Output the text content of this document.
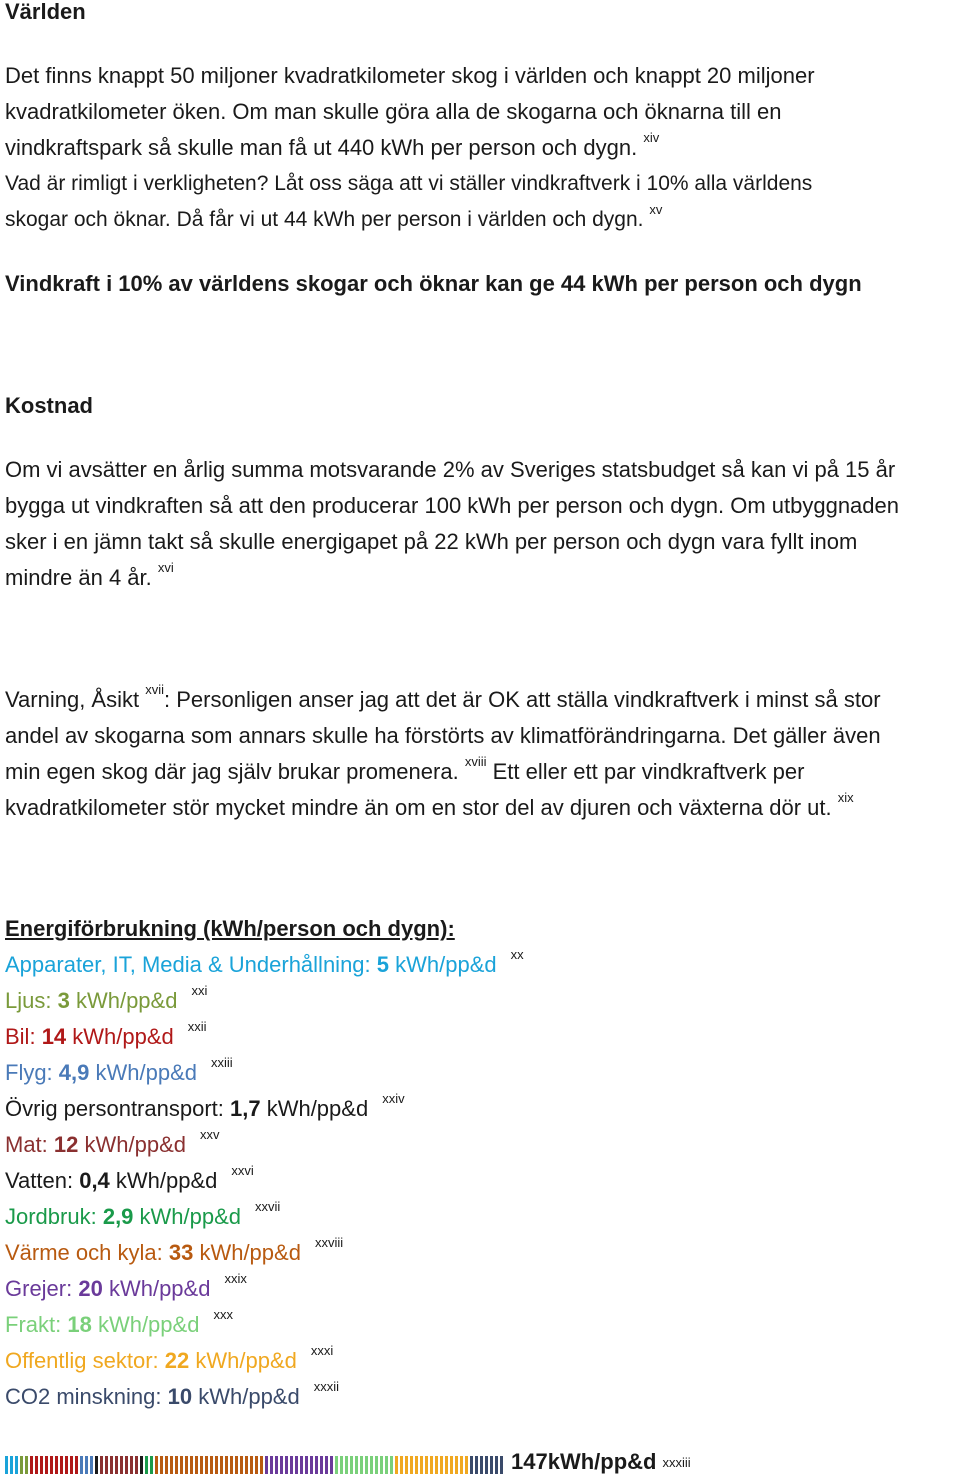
Världen
Det finns knappt 50 miljoner kvadratkilometer skog i världen och knappt 20 miljoner
kvadratkilometer öken. Om man skulle göra alla de skogarna och öknarna till en
vindkraftspark så skulle man få ut 440 kWh per person och dygn. $^{xiv}$
Vad är rimligt i verkligheten? Låt oss säga att vi ställer vindkraftverk i 10% alla världens
skogar och öknar. Då får vi ut 44 kWh per person i världen och dygn. $^{xv}$
Vindkraft i 10% av världens skogar och öknar kan ge 44 kWh per person och dygn
Kostnad
Om vi avsätter en årlig summa motsvarande 2% av Sveriges statsbudget så kan vi på 15 år
bygga ut vindkraften så att den producerar 100 kWh per person och dygn. Om utbyggnaden
sker i en jämn takt så skulle energigapet på 22 kWh per person och dygn vara fyllt inom
mindre än 4 år. $^{xvi}$
Varning, Åsikt $^{xvii}$: Personligen anser jag att det är OK att ställa vindkraftverk i minst så stor
andel av skogarna som annars skulle ha förstörts av klimatförändringarna. Det gäller även
min egen skog där jag själv brukar promenera. $^{xviii}$ Ett eller ett par vindkraftverk per
kvadratkilometer stör mycket mindre än om en stor del av djuren och växterna dör ut. $^{xix}$
Energiförbrukning (kWh/person och dygn):
Apparater, IT, Media & Underhållning: 5 kWh/pp&d $^{xx}$
Ljus: 3 kWh/pp&d $^{xxi}$
Bil: 14 kWh/pp&d $^{xxii}$
Flyg: 4,9 kWh/pp&d $^{xxiii}$
Övrig persontransport: 1,7 kWh/pp&d $^{xxiv}$
Mat: 12 kWh/pp&d $^{xxv}$
Vatten: 0,4 kWh/pp&d $^{xxvi}$
Jordbruk: 2,9 kWh/pp&d $^{xxvii}$
Värme och kyla: 33 kWh/pp&d $^{xxviii}$
Grejer: 20 kWh/pp&d $^{xxix}$
Frakt: 18 kWh/pp&d $^{xxx}$
Offentlig sektor: 22 kWh/pp&d $^{xxxi}$
CO2 minskning: 10 kWh/pp&d $^{xxxii}$
147 kWh/pp&d xxxiii
